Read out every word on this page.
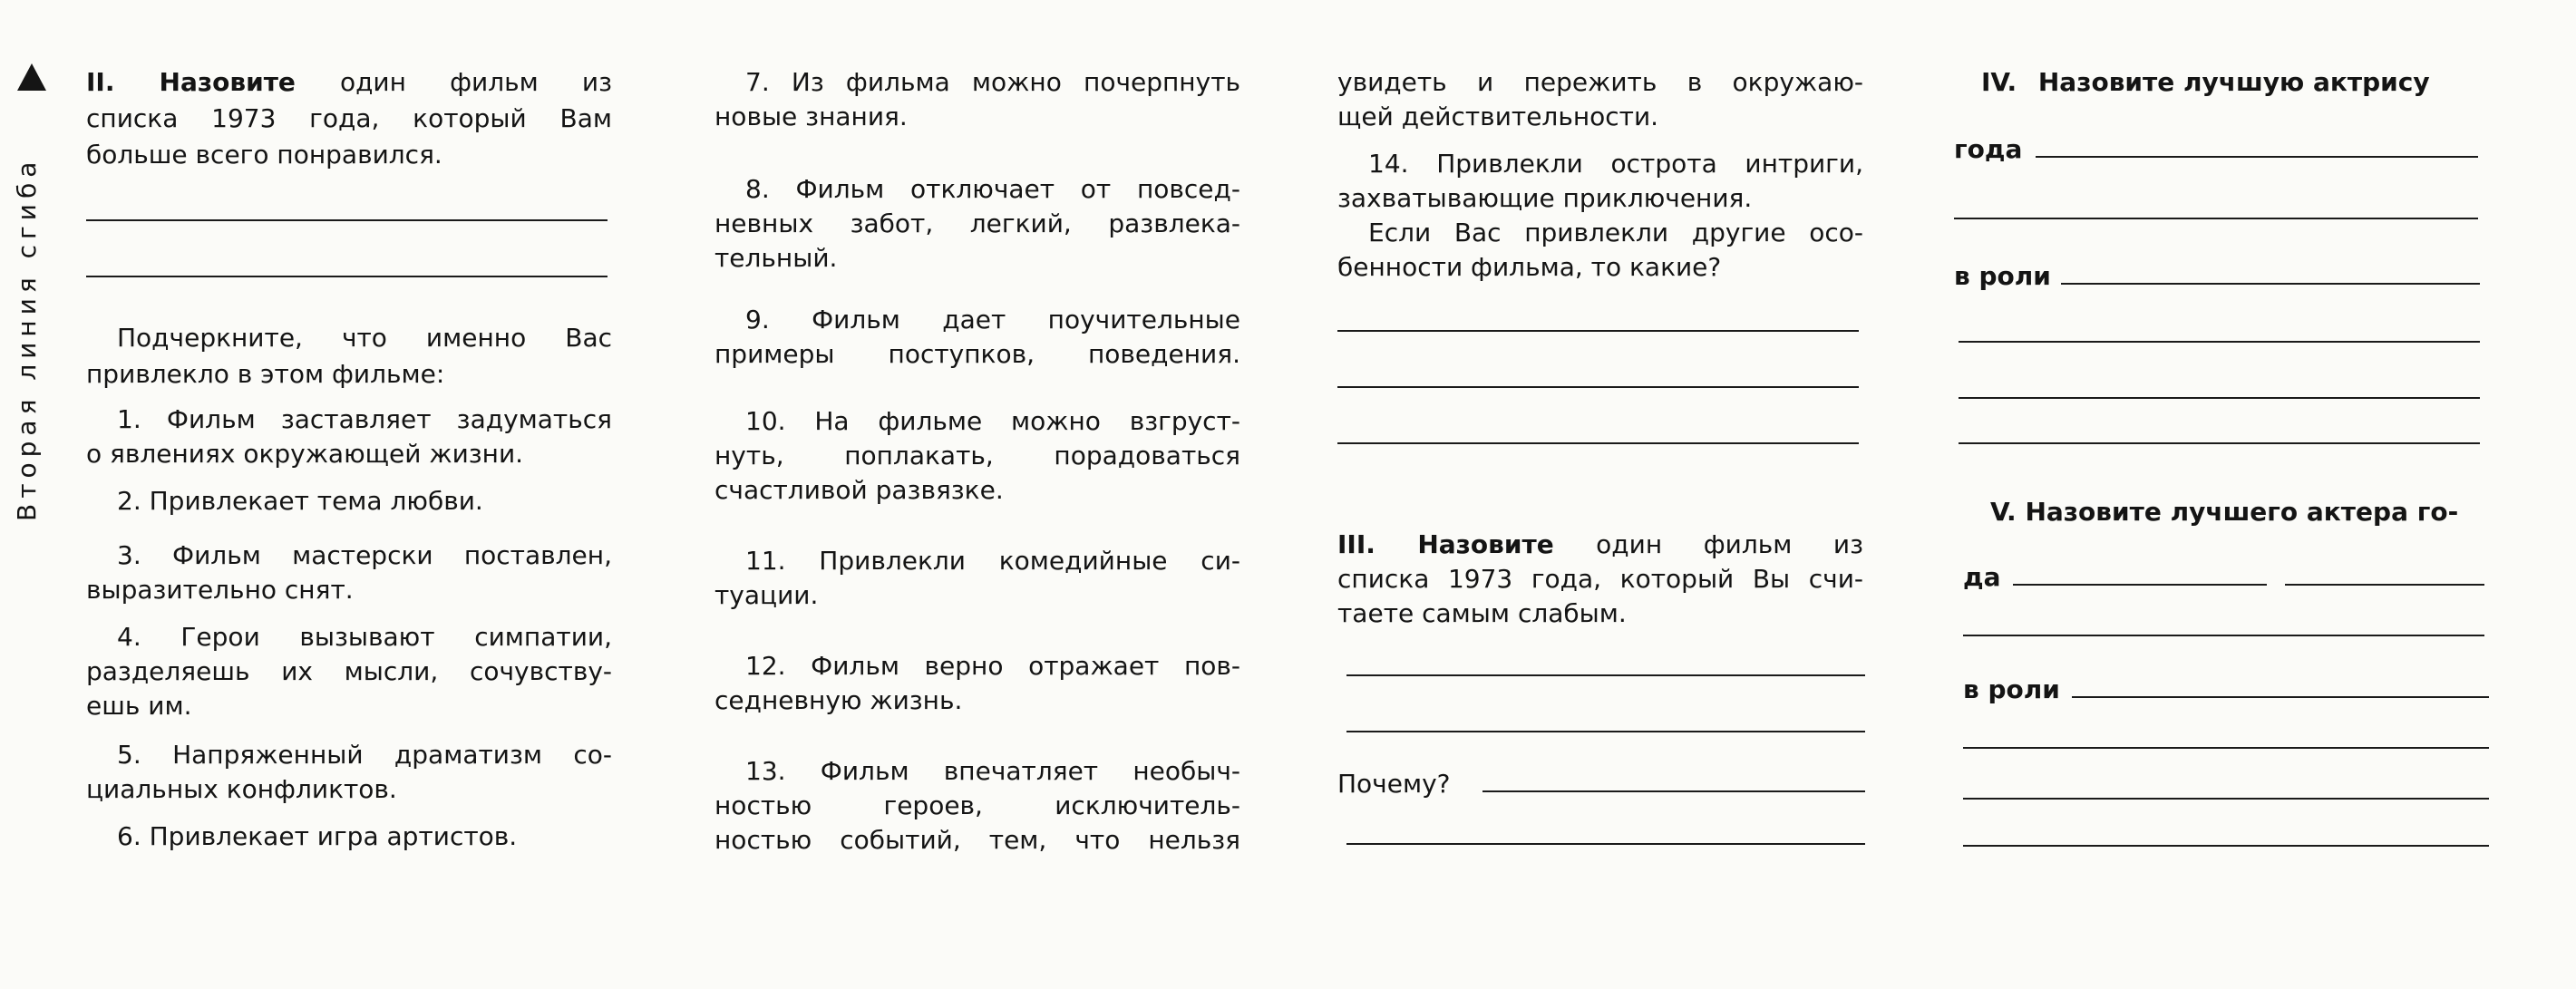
Вторая линия сгиба

II. Назовите один фильм из

списка 1973 года, который Вам

больше всего понравился.

Подчеркните, что именно Вас

привлекло в этом фильме:

1. Фильм заставляет задуматься

о явлениях окружающей жизни.

2. Привлекает тема любви.

3. Фильм мастерски поставлен,

выразительно снят.

4. Герои вызывают симпатии,

разделяешь их мысли, сочувству-

ешь им.

5. Напряженный драматизм со-

циальных конфликтов.

6. Привлекает игра артистов.

7. Из фильма можно почерпнуть

новые знания.

8. Фильм отключает от повсед-

невных забот, легкий, развлека-

тельный.

9. Фильм дает поучительные

примеры поступков, поведения.

10. На фильме можно взгруст-

нуть, поплакать, порадоваться

счастливой развязке.

11. Привлекли комедийные си-

туации.

12. Фильм верно отражает пов-

седневную жизнь.

13. Фильм впечатляет необыч-

ностью героев, исключитель-

ностью событий, тем, что нельзя

увидеть и пережить в окружаю-

щей действительности.

14. Привлекли острота интриги,

захватывающие приключения.

Если Вас привлекли другие осо-

бенности фильма, то какие?

III. Назовите один фильм из

списка 1973 года, который Вы счи-

таете самым слабым.

Почему?

IV. Назовите лучшую актрису

года

в роли

V. Назовите лучшего актера го-

да

в роли
